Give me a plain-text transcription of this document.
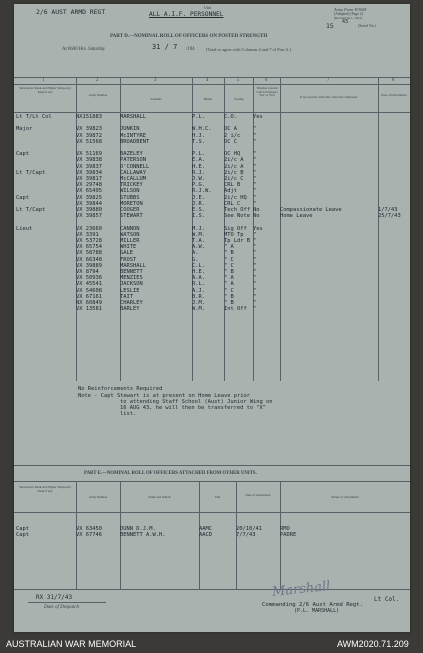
2/6 AUST ARMD REGT
Unit
ALL A.I.F. PERSONNEL
Army Form W3008
(Adapted) (Page 2)
(Revised Oct., 1941)
15 43
(Serial No.)
PART D.—NOMINAL ROLL OF OFFICERS ON POSTED STRENGTH
At 0600 Hrs. Saturday	31 / 7 /194	(Total to agree with Columns 4 and 7 of Part A.)
1	2	3	4	5	6	7	8
Substantive Rank and Higher Temporary Rank if any
Army Number
Surname	Initials	Posting
Whether present with Unit (Insert 'Yes' or 'No')	If not present with Unit, state how employed.	Date of Detachment
Lt T/Lt Col	NX151883	MARSHALL	P.L.	C.O.	Yes		

Major	VX 39823	JUNKIN	W.H.C.	OC A	"		
	VX 39872	McINTYRE	H.J.	2 i/c	"		
	VX 51568	BROADBENT	T.S.	OC C	"		

Capt	VX 51169	BAZELEY	P.L.	OC HQ	"		
	VX 39838	PATERSON	E.A.	2i/c A	"		
	VX 39837	O'CONNELL	H.E.	2i/c A	"		
Lt T/Capt	VX 39834	CALLAWAY	R.J.	2i/c B	"		
	VX 39817	McCALLUM	J.W.	2i/c C	"		
	VX 29748	TRICKEY	P.G.	CRL B	"		
	VX 65495	WILSON	R.J.W.	Adjt	"		
Capt	VX 39825	STUBBS	J.E.	2i/c HQ	"		
	VX 39844	MORETON	J.R.	CRL C	"		
Lt T/Capt	VX 39880	COOGER	E.S.	Tech Off	No	Compassionate Leave	1/7/43
	VX 39857	STEWART	I.S.	See Note	No	Home Leave	25/7/43

Lieut	VX 23660	CANNON	M.J.	Sig Off	Yes		
	VX 3391	WATSON	W.M.	MTO Tp	"		
	VX 53728	MILLER	T.A.	Tp Ldr B	"		
	VX 65754	WHITE	A.W.	" A	"		
	VX 58788	GALE	A.	" B	"		
	VX 66348	FROST	G.	" C	"		
	VX 39889	MARSHALL	C.L.	" C	"		
	VX 8794	BENNETT	H.E.	" B	"		
	VX 50936	MENZIES	A.A.	" A	"		
	VX 45541	JACKSON	R.L.	" A	"		
	VX 54608	LESLIE	A.J.	" C	"		
	VX 67161	TAIT	B.R.	" B	"		
	NX 60849	CHARLEY	J.M.	" B	"		
	VX 13581	BARLEY	W.M.	Int Off	"		
No Reinforcements Required
Note - Capt Stewart is at present on Home Leave prior
to attending Staff School (Aust) Junior Wing on
16 AUG 43, he will then be transferred to "X"
list.
PART E.—NOMINAL ROLL OF OFFICERS ATTACHED FROM OTHER UNITS.
Substantive Rank and Higher Temporary Rank if any
Army Number	Name and Initials	Unit	Date of Attachment	Nature of Attachment
Capt	VX 63450	DUNN D.J.M.	AAMC	20/10/41	RMO
Capt	VX 67746	BENNETT A.W.H.	AACD	7/7/43	PADRE
RX 31/7/43
Date of Despatch
Marshall	Lt Col.
Commanding 2/6 Aust Armd Regt.
(P.L. MARSHALL)
AUSTRALIAN WAR MEMORIAL	AWM2020.71.209
